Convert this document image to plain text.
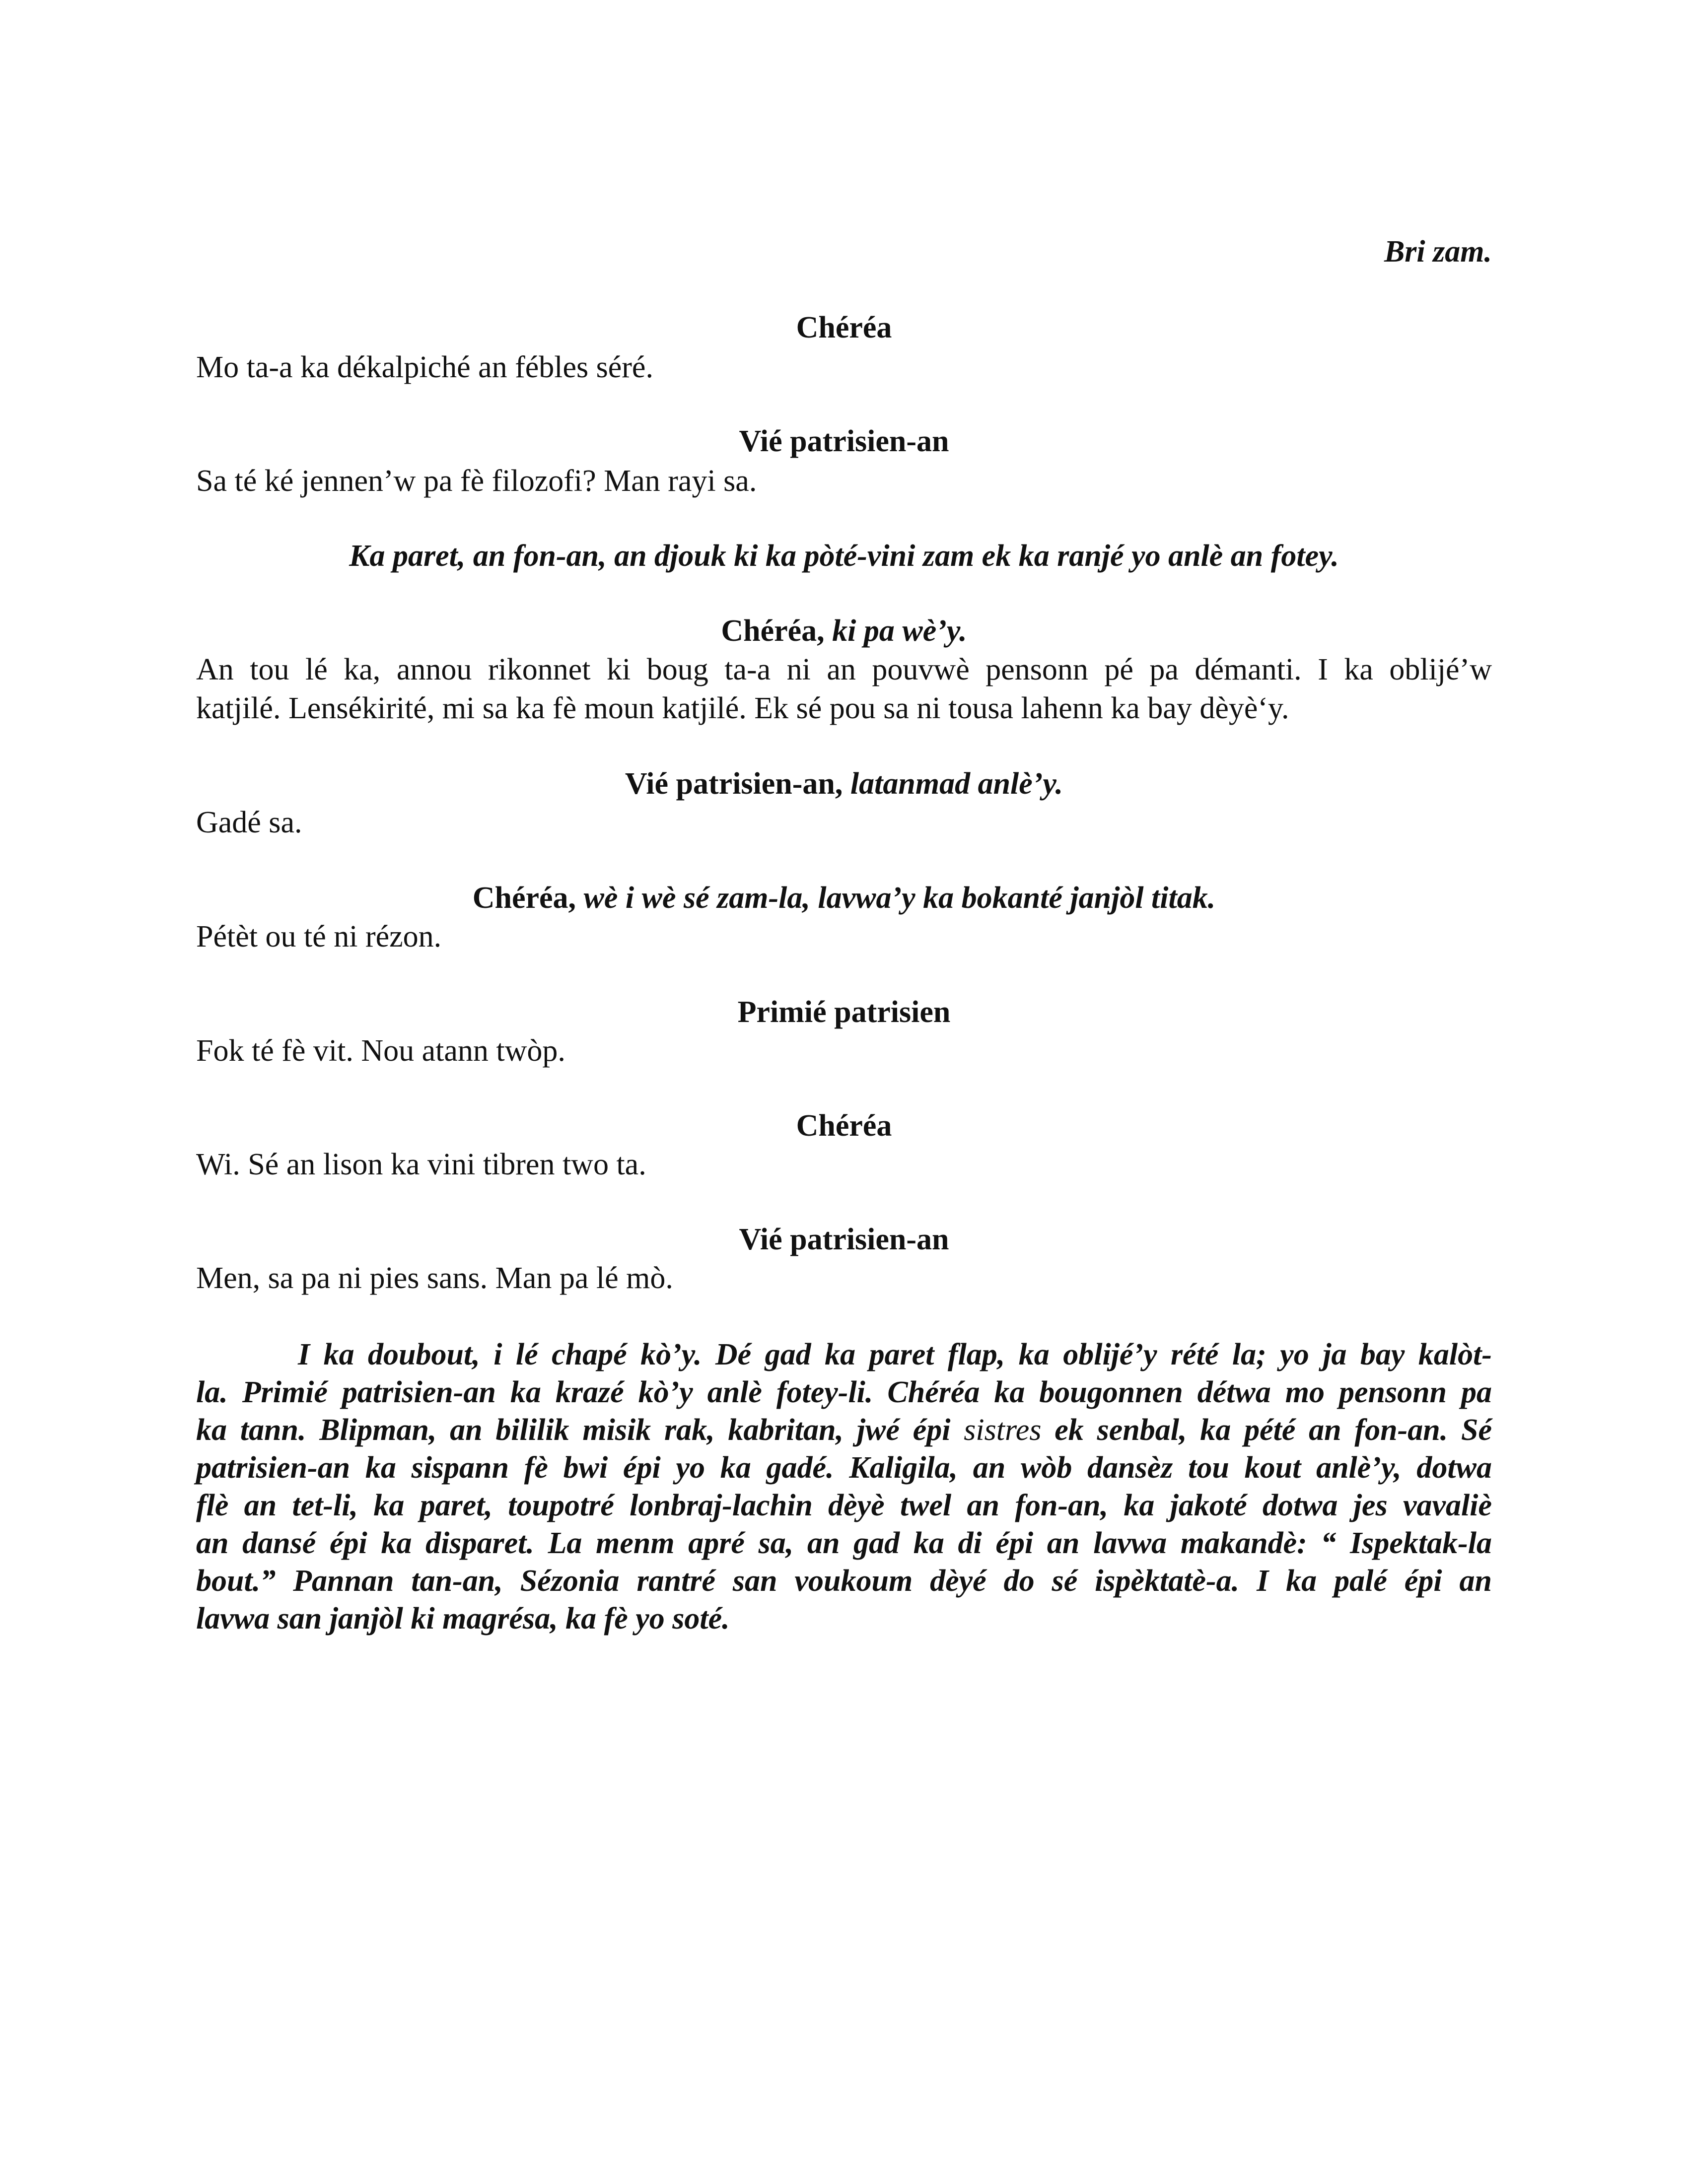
Bri zam.
Chéréa
Mo ta-a ka dékalpiché an fébles séré.
Vié patrisien-an
Sa té ké jennen’w pa fè filozofi? Man rayi sa.
Ka paret, an fon-an, an djouk ki ka pòté-vini zam ek ka ranjé yo anlè an fotey.
Chéréa, ki pa wè’y.
An tou lé ka, annou rikonnet ki boug ta-a ni an pouvwè pensonn pé pa démanti. I ka oblijé’w
katjilé. Lensékirité, mi sa ka fè moun katjilé. Ek sé pou sa ni tousa lahenn ka bay dèyè‘y.
Vié patrisien-an, latanmad anlè’y.
Gadé sa.
Chéréa, wè i wè sé zam-la, lavwa’y ka bokanté janjòl titak.
Pétèt ou té ni rézon.
Primié patrisien
Fok té fè vit. Nou atann twòp.
Chéréa
Wi. Sé an lison ka vini tibren two ta.
Vié patrisien-an
Men, sa pa ni pies sans. Man pa lé mò.
I ka doubout, i lé chapé kò’y. Dé gad ka paret flap, ka oblijé’y rété la; yo ja bay kalòt-
la. Primié patrisien-an ka krazé kò’y anlè fotey-li. Chéréa ka bougonnen détwa mo pensonn pa
ka tann. Blipman, an bililik misik rak, kabritan, jwé épi sistres ek senbal, ka pété an fon-an. Sé
patrisien-an ka sispann fè bwi épi yo ka gadé. Kaligila, an wòb dansèz tou kout anlè’y, dotwa
flè an tet-li, ka paret, toupotré lonbraj-lachin dèyè twel an fon-an, ka jakoté dotwa jes vavaliè
an dansé épi ka disparet. La menm apré sa, an gad ka di épi an lavwa makandè: “ Ispektak-la
bout.” Pannan tan-an, Sézonia rantré san voukoum dèyé do sé ispèktatè-a. I ka palé épi an
lavwa san janjòl ki magrésa, ka fè yo soté.
